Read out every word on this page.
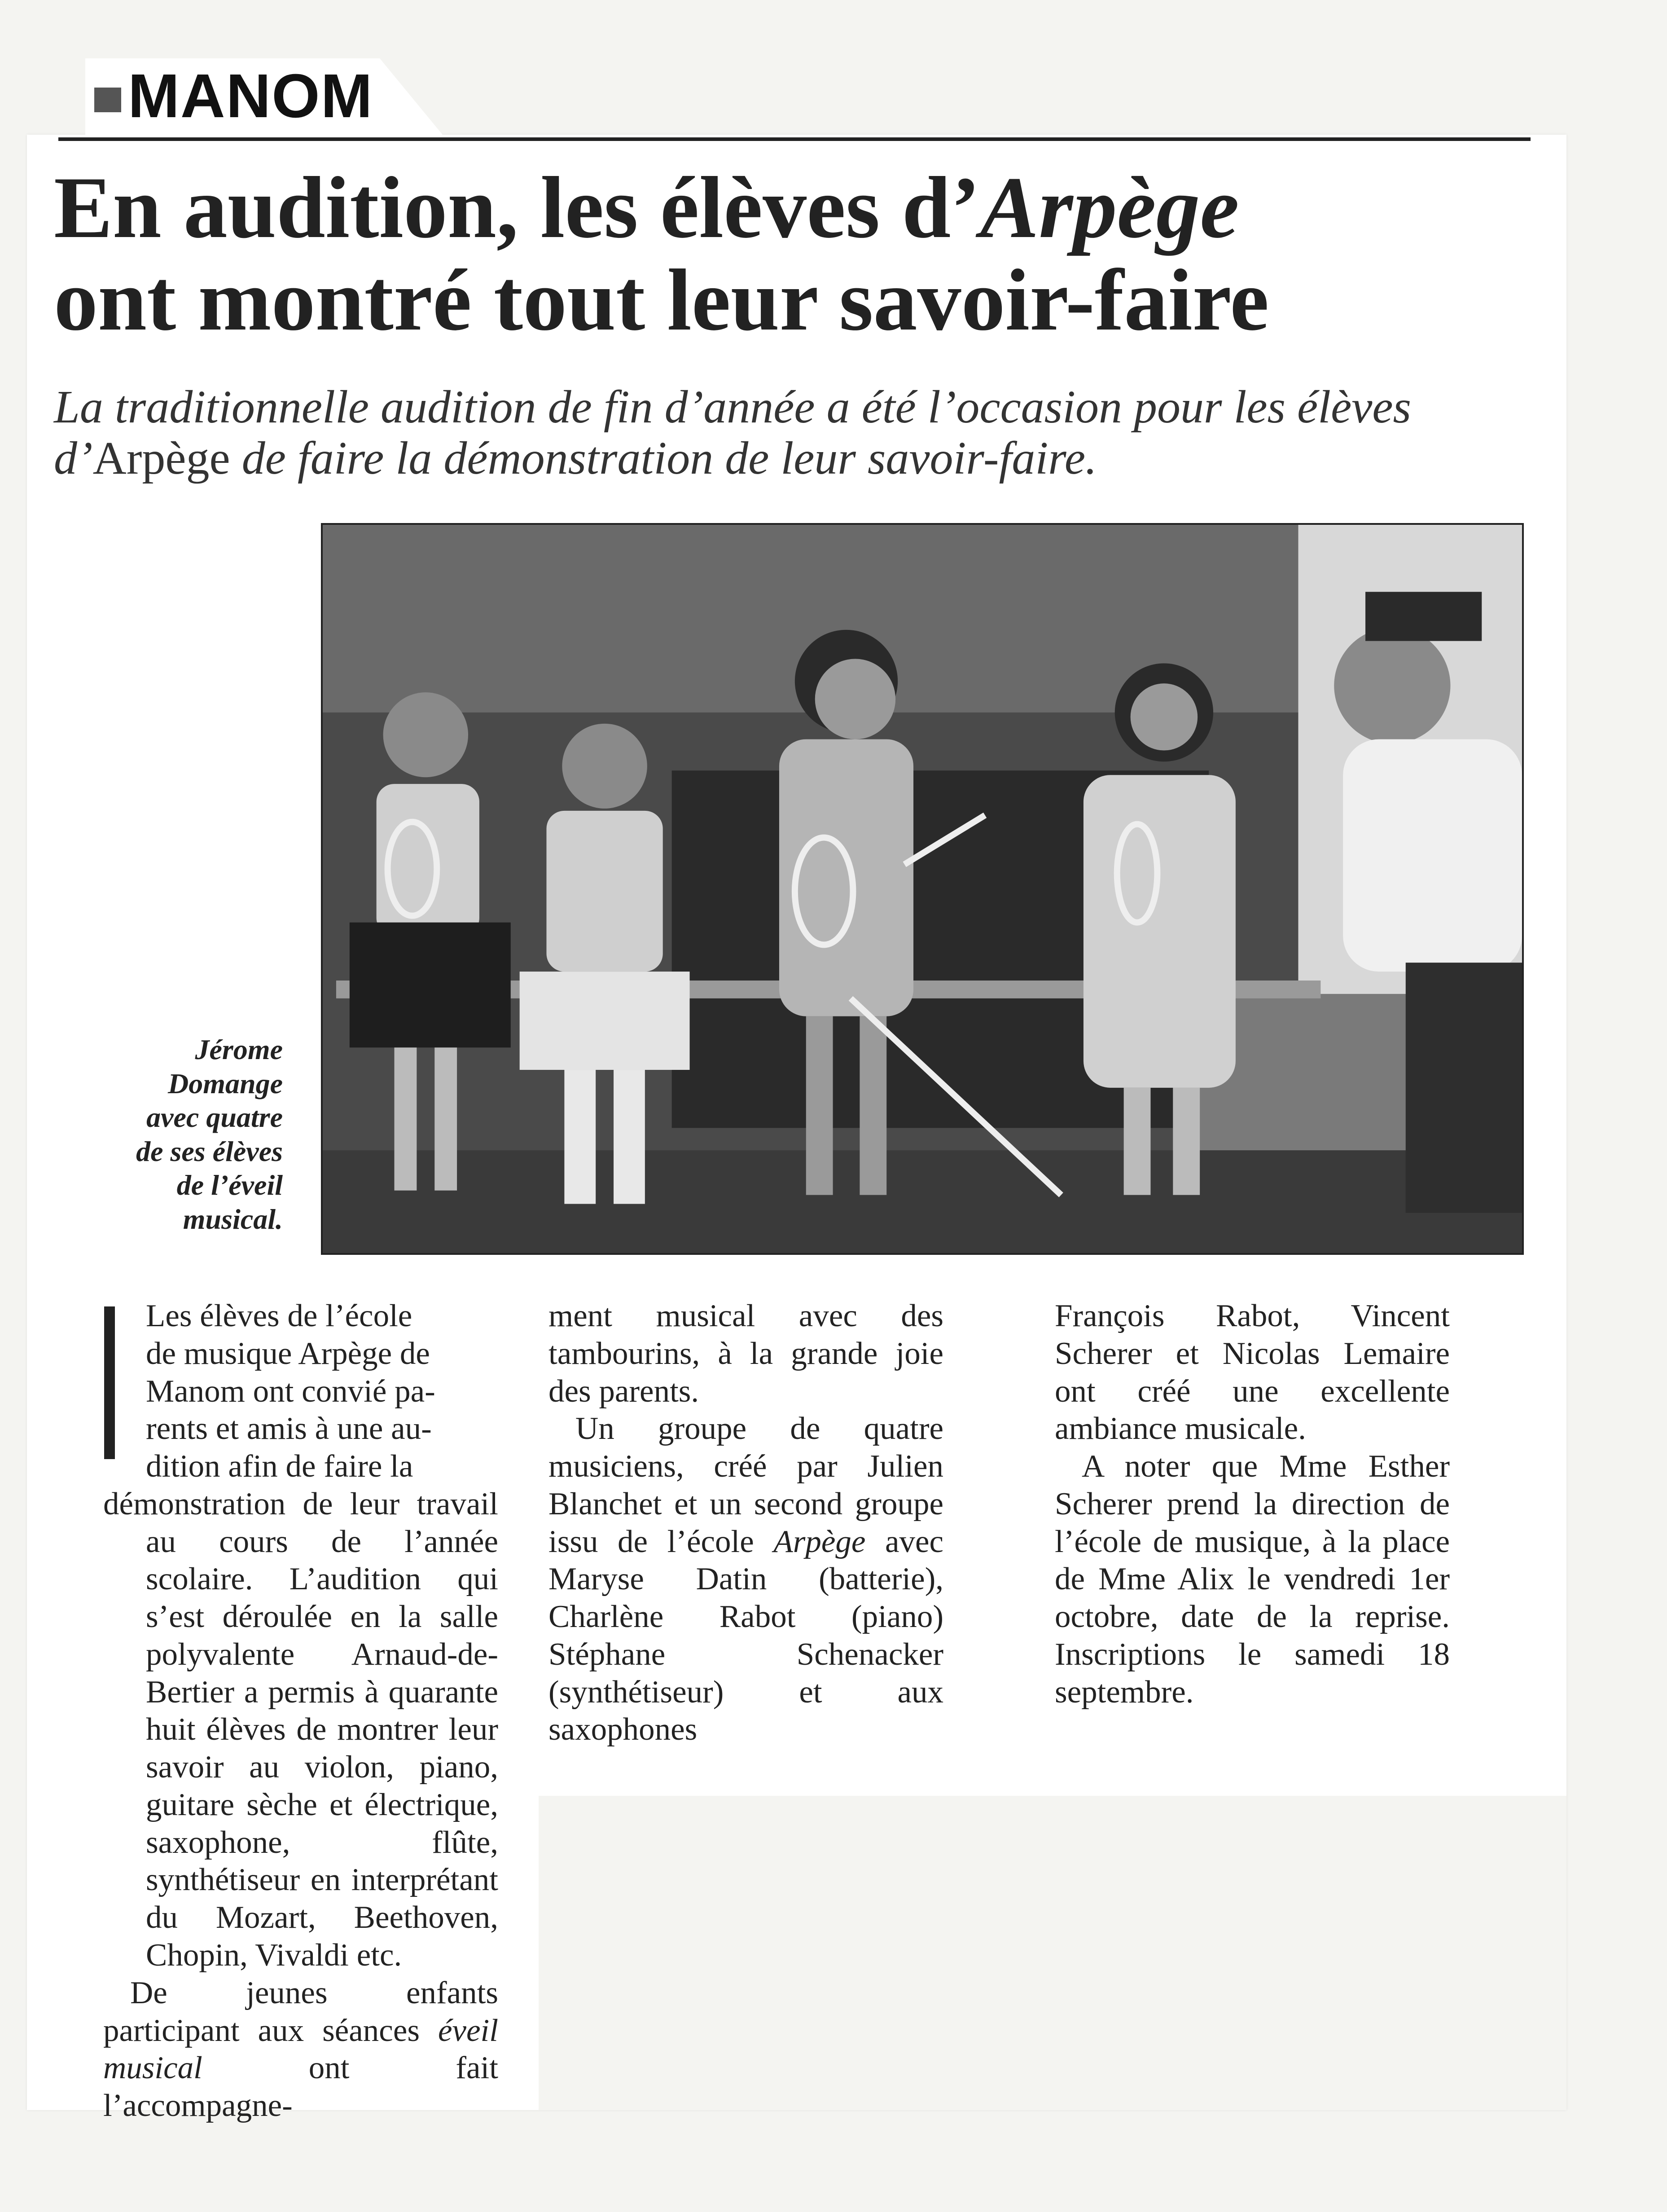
MANOM
En audition, les élèves d’Arpège
ont montré tout leur savoir-faire
La traditionnelle audition de fin d’année a été l’occasion pour les élèves d’Arpège de faire la démonstration de leur savoir-faire.
Jérome
Domange
avec quatre
de ses élèves
de l’éveil
musical.

Les élèves de l’école
de musique Arpège de
Manom ont convié pa-
rents et amis à une au-
dition afin de faire la
démonstration de leur travail au cours de l’année scolaire. L’audition qui s’est déroulée en la salle polyvalente Arnaud-de-Bertier a permis à quarante huit élèves de montrer leur savoir au violon, piano, guitare sèche et électrique, saxophone, flûte, synthétiseur en interprétant du Mozart, Beethoven, Chopin, Vivaldi etc.

De jeunes enfants participant aux séances éveil musical ont fait l’accompagne-

ment musical avec des tambourins, à la grande joie des parents.

Un groupe de quatre musiciens, créé par Julien Blanchet et un second groupe issu de l’école Arpège avec Maryse Datin (batterie), Charlène Rabot (piano) Stéphane Schenacker (synthétiseur) et aux saxophones

François Rabot, Vincent Scherer et Nicolas Lemaire ont créé une excellente ambiance musicale.

A noter que Mme Esther Scherer prend la direction de l’école de musique, à la place de Mme Alix le vendredi 1er octobre, date de la reprise. Inscriptions le samedi 18 septembre.
